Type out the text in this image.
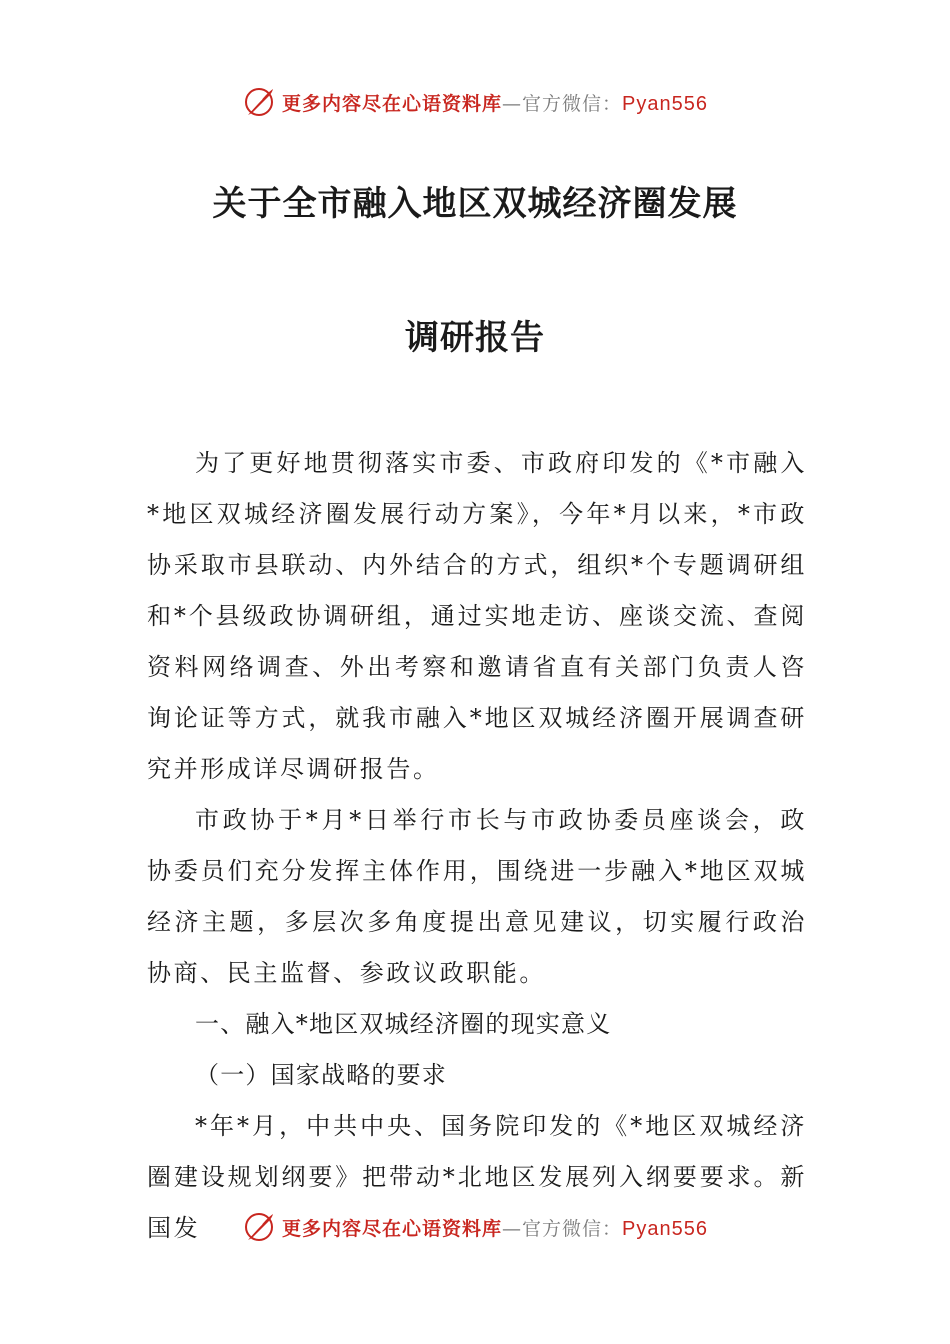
更多内容尽在心语资料库—官方微信：Pyan556
关于全市融入地区双城经济圈发展
调研报告

为了更好地贯彻落实市委、市政府印发的《*市融入*地区双城经济圈发展行动方案》，今年*月以来，*市政协采取市县联动、内外结合的方式，组织*个专题调研组和*个县级政协调研组，通过实地走访、座谈交流、查阅资料网络调查、外出考察和邀请省直有关部门负责人咨询论证等方式，就我市融入*地区双城经济圈开展调查研究并形成详尽调研报告。

市政协于*月*日举行市长与市政协委员座谈会，政协委员们充分发挥主体作用，围绕进一步融入*地区双城经济主题，多层次多角度提出意见建议，切实履行政治协商、民主监督、参政议政职能。

一、融入*地区双城经济圈的现实意义

（一）国家战略的要求

*年*月，中共中央、国务院印发的《*地区双城经济圈建设规划纲要》把带动*北地区发展列入纲要要求。新国发	更多内容尽在心语资料库—官方微信：Pyan556
